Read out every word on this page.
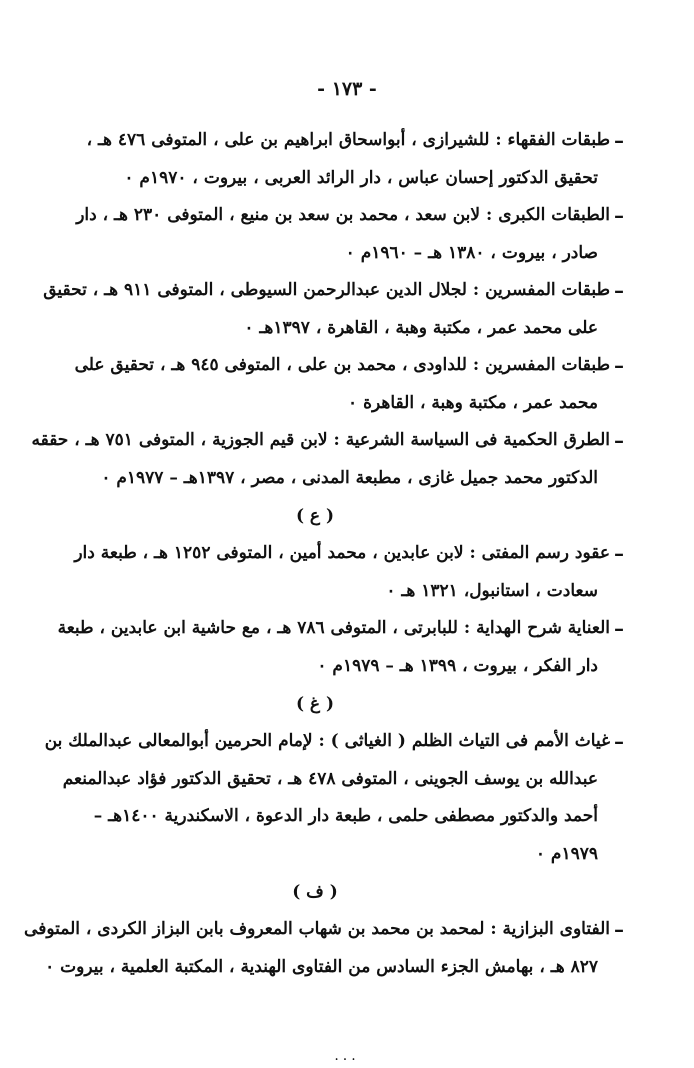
- ١٧٣ -
–
طبقات الفقهاء : للشيرازى ، أبواسحاق ابراهيم بن على ، المتوفى ٤٧٦ هـ ،
تحقيق الدكتور إحسان عباس ، دار الرائد العربى ، بيروت ، ١٩٧٠م ٠
–
الطبقات الكبرى : لابن سعد ، محمد بن سعد بن منيع ، المتوفى ٢٣٠ هـ ، دار
صادر ، بيروت ، ١٣٨٠ هـ – ١٩٦٠م ٠
–
طبقات المفسرين : لجلال الدين عبدالرحمن السيوطى ، المتوفى ٩١١ هـ ، تحقيق
على محمد عمر ، مكتبة وهبة ، القاهرة ، ١٣٩٧هـ ٠
–
طبقات المفسرين : للداودى ، محمد بن على ، المتوفى ٩٤٥ هـ ، تحقيق على
محمد عمر ، مكتبة وهبة ، القاهرة ٠
–
الطرق الحكمية فى السياسة الشرعية : لابن قيم الجوزية ، المتوفى ٧٥١ هـ ، حققه
الدكتور محمد جميل غازى ، مطبعة المدنى ، مصر ، ١٣٩٧هـ – ١٩٧٧م ٠
( ع )
–
عقود رسم المفتى : لابن عابدين ، محمد أمين ، المتوفى ١٢٥٢ هـ ، طبعة دار
سعادت ، استانبول، ١٣٢١ هـ ٠
–
العناية شرح الهداية : للبابرتى ، المتوفى ٧٨٦ هـ ، مع حاشية ابن عابدين ، طبعة
دار الفكر ، بيروت ، ١٣٩٩ هـ – ١٩٧٩م ٠
( غ )
–
غياث الأمم فى التياث الظلم ( الغياثى ) : لإمام الحرمين أبوالمعالى عبدالملك بن
عبدالله بن يوسف الجوينى ، المتوفى ٤٧٨ هـ ، تحقيق الدكتور فؤاد عبدالمنعم
أحمد والدكتور مصطفى حلمى ، طبعة دار الدعوة ، الاسكندرية ١٤٠٠هـ –
١٩٧٩م ٠
( ف )
–
الفتاوى البزازية : لمحمد بن محمد بن شهاب المعروف بابن البزاز الكردى ، المتوفى
٨٢٧ هـ ، بهامش الجزء السادس من الفتاوى الهندية ، المكتبة العلمية ، بيروت ٠
...
